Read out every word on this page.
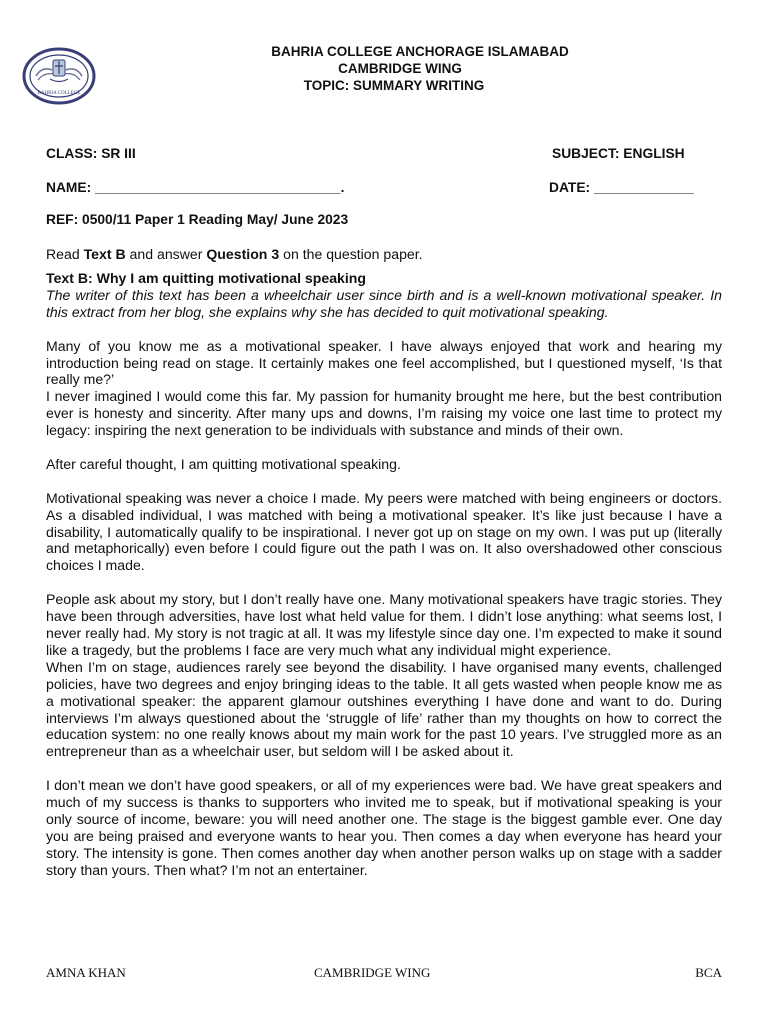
BAHRIA COLLEGE
BAHRIA COLLEGE ANCHORAGE ISLAMABAD
CAMBRIDGE WING
TOPIC: SUMMARY WRITING
CLASS: SR III	SUBJECT: ENGLISH
NAME: ________________________________.	DATE: _____________
REF: 0500/11 Paper 1 Reading May/ June 2023
Read Text B and answer Question 3 on the question paper.

Text B: Why I am quitting motivational speaking

The writer of this text has been a wheelchair user since birth and is a well-known motivational speaker. In this extract from her blog, she explains why she has decided to quit motivational speaking.

Many of you know me as a motivational speaker. I have always enjoyed that work and hearing my introduction being read on stage. It certainly makes one feel accomplished, but I questioned myself, ‘Is that really me?’

I never imagined I would come this far. My passion for humanity brought me here, but the best contribution ever is honesty and sincerity. After many ups and downs, I’m raising my voice one last time to protect my legacy: inspiring the next generation to be individuals with substance and minds of their own.

After careful thought, I am quitting motivational speaking.

Motivational speaking was never a choice I made. My peers were matched with being engineers or doctors. As a disabled individual, I was matched with being a motivational speaker. It’s like just because I have a disability, I automatically qualify to be inspirational. I never got up on stage on my own. I was put up (literally and metaphorically) even before I could figure out the path I was on. It also overshadowed other conscious choices I made.

People ask about my story, but I don’t really have one. Many motivational speakers have tragic stories. They have been through adversities, have lost what held value for them. I didn’t lose anything: what seems lost, I never really had. My story is not tragic at all. It was my lifestyle since day one. I’m expected to make it sound like a tragedy, but the problems I face are very much what any individual might experience.

When I’m on stage, audiences rarely see beyond the disability. I have organised many events, challenged policies, have two degrees and enjoy bringing ideas to the table. It all gets wasted when people know me as a motivational speaker: the apparent glamour outshines everything I have done and want to do. During interviews I’m always questioned about the ‘struggle of life’ rather than my thoughts on how to correct the education system: no one really knows about my main work for the past 10 years. I’ve struggled more as an entrepreneur than as a wheelchair user, but seldom will I be asked about it.

I don’t mean we don’t have good speakers, or all of my experiences were bad. We have great speakers and much of my success is thanks to supporters who invited me to speak, but if motivational speaking is your only source of income, beware: you will need another one. The stage is the biggest gamble ever. One day you are being praised and everyone wants to hear you. Then comes a day when everyone has heard your story. The intensity is gone. Then comes another day when another person walks up on stage with a sadder story than yours. Then what? I’m not an entertainer.

AMNA KHAN	CAMBRIDGE WING	BCA
